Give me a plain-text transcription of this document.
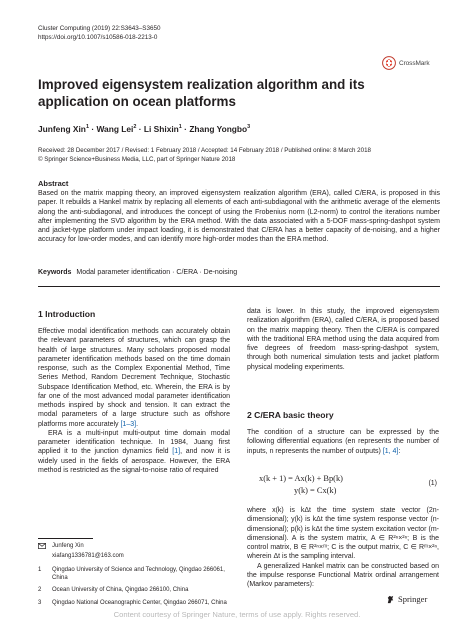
Cluster Computing (2019) 22:S3643–S3650
https://doi.org/10.1007/s10586-018-2213-0
CrossMark
Improved eigensystem realization algorithm and its application on ocean platforms
Junfeng Xin$^1$ · Wang Lei$^2$ · Li Shixin$^1$ · Zhang Yongbo$^3$
Received: 28 December 2017 / Revised: 1 February 2018 / Accepted: 14 February 2018 / Published online: 8 March 2018
© Springer Science+Business Media, LLC, part of Springer Nature 2018
Abstract
Based on the matrix mapping theory, an improved eigensystem realization algorithm (ERA), called C/ERA, is proposed in this paper. It rebuilds a Hankel matrix by replacing all elements of each anti-subdiagonal with the arithmetic average of the elements along the anti-subdiagonal, and introduces the concept of using the Frobenius norm (L2-norm) to control the iterations number after implementing the SVD algorithm by the ERA method. With the data associated with a 5-DOF mass-spring-dashpot system and jacket-type platform under impact loading, it is demonstrated that C/ERA has a better capacity of de-noising, and a higher accuracy for low-order modes, and can identify more high-order modes than the ERA method.
Keywords Modal parameter identification · C/ERA · De-noising
1 Introduction

Effective modal identification methods can accurately obtain the relevant parameters of structures, which can grasp the health of large structures. Many scholars proposed modal parameter identification methods based on the time domain response, such as the Complex Exponential Method, Time Series Method, Random Decrement Technique, Stochastic Subspace Identification Method, etc. Wherein, the ERA is by far one of the most advanced modal parameter identification methods inspired by shock and tension. It can extract the modal parameters of a large structure such as offshore platforms more accurately [1–3].

ERA is a multi-input multi-output time domain modal parameter identification technique. In 1984, Juang first applied it to the junction dynamics field [1], and now it is widely used in the fields of aerospace. However, the ERA method is restricted as the signal-to-noise ratio of required

Junfeng Xin
xiafang1336781@163.com
1	Qingdao University of Science and Technology, Qingdao 266061, China
2	Ocean University of China, Qingdao 266100, China
3	Qingdao National Oceanographic Center, Qingdao 266071, China

data is lower. In this study, the improved eigensystem realization algorithm (ERA), called C/ERA, is proposed based on the matrix mapping theory. Then the C/ERA is compared with the traditional ERA method using the data acquired from five degrees of freedom mass-spring-dashpot system, through both numerical simulation tests and jacket platform physical modeling experiments.

2 C/ERA basic theory

The condition of a structure can be expressed by the following differential equations (en represents the number of inputs, n represents the number of outputs) [1, 4]:

x(k + 1) = Ax(k) + Bp(k)
y(k) = Cx(k)
(1)

where x(k) is kΔt the time system state vector (2n-dimensional); y(k) is kΔt the time system response vector (n-dimensional); p(k) is kΔt the time system excitation vector (m-dimensional). A is the system matrix, A ∈ R²ⁿ×²ⁿ; B is the control matrix, B ∈ R²ⁿ×ᵐ; C is the output matrix, C ∈ Rᵐ×²ⁿ, wherein Δt is the sampling interval.

A generalized Hankel matrix can be constructed based on the impulse response Functional Matrix ordinal arrangement (Markov parameters):

Springer
Content courtesy of Springer Nature, terms of use apply. Rights reserved.
